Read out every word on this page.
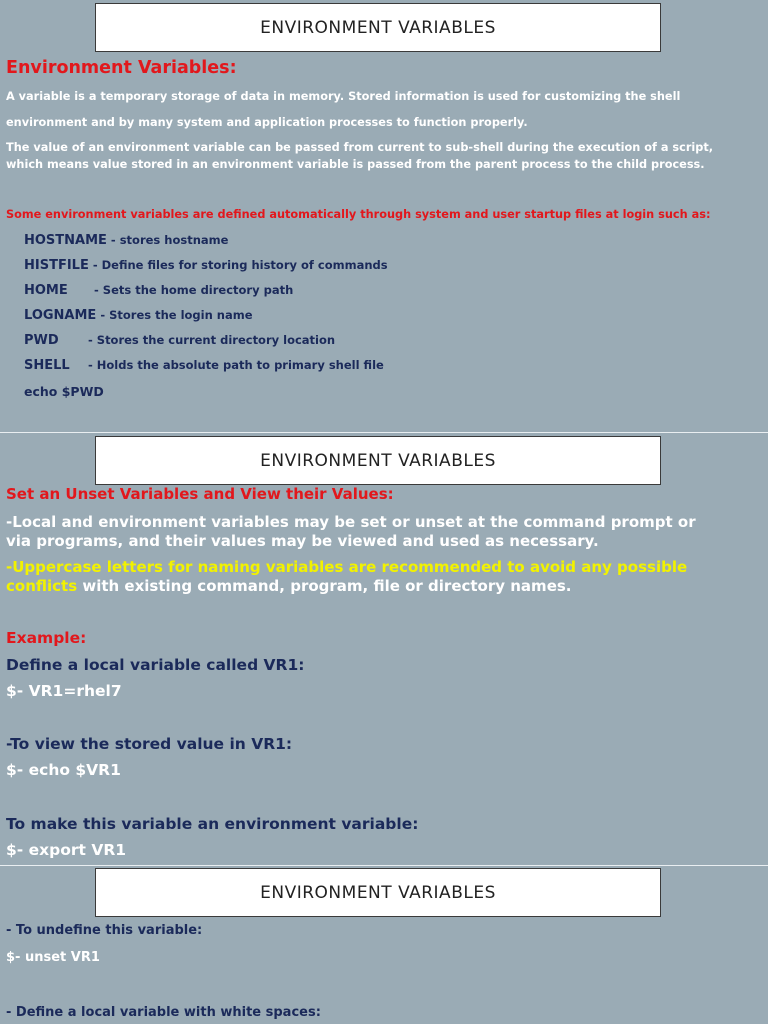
ENVIRONMENT VARIABLES
Environment Variables:
A variable is a temporary storage of data in memory. Stored information is used for customizing the shell
environment and by many system and application processes to function properly.
The value of an environment variable can be passed from current to sub-shell during the execution of a script,
which means value stored in an environment variable is passed from the parent process to the child process.
Some environment variables are defined automatically through system and user startup files at login such as:
HOSTNAME - stores hostname
HISTFILE - Define files for storing history of commands
HOME - Sets the home directory path
LOGNAME - Stores the login name
PWD - Stores the current directory location
SHELL - Holds the absolute path to primary shell file
echo $PWD
ENVIRONMENT VARIABLES
Set an Unset Variables and View their Values:
-Local and environment variables may be set or unset at the command prompt or
via programs, and their values may be viewed and used as necessary.
-Uppercase letters for naming variables are recommended to avoid any possible
conflicts with existing command, program, file or directory names.
Example:
Define a local variable called VR1:
$- VR1=rhel7
-To view the stored value in VR1:
$- echo $VR1
To make this variable an environment variable:
$- export VR1
ENVIRONMENT VARIABLES
- To undefine this variable:
$- unset VR1
- Define a local variable with white spaces:
